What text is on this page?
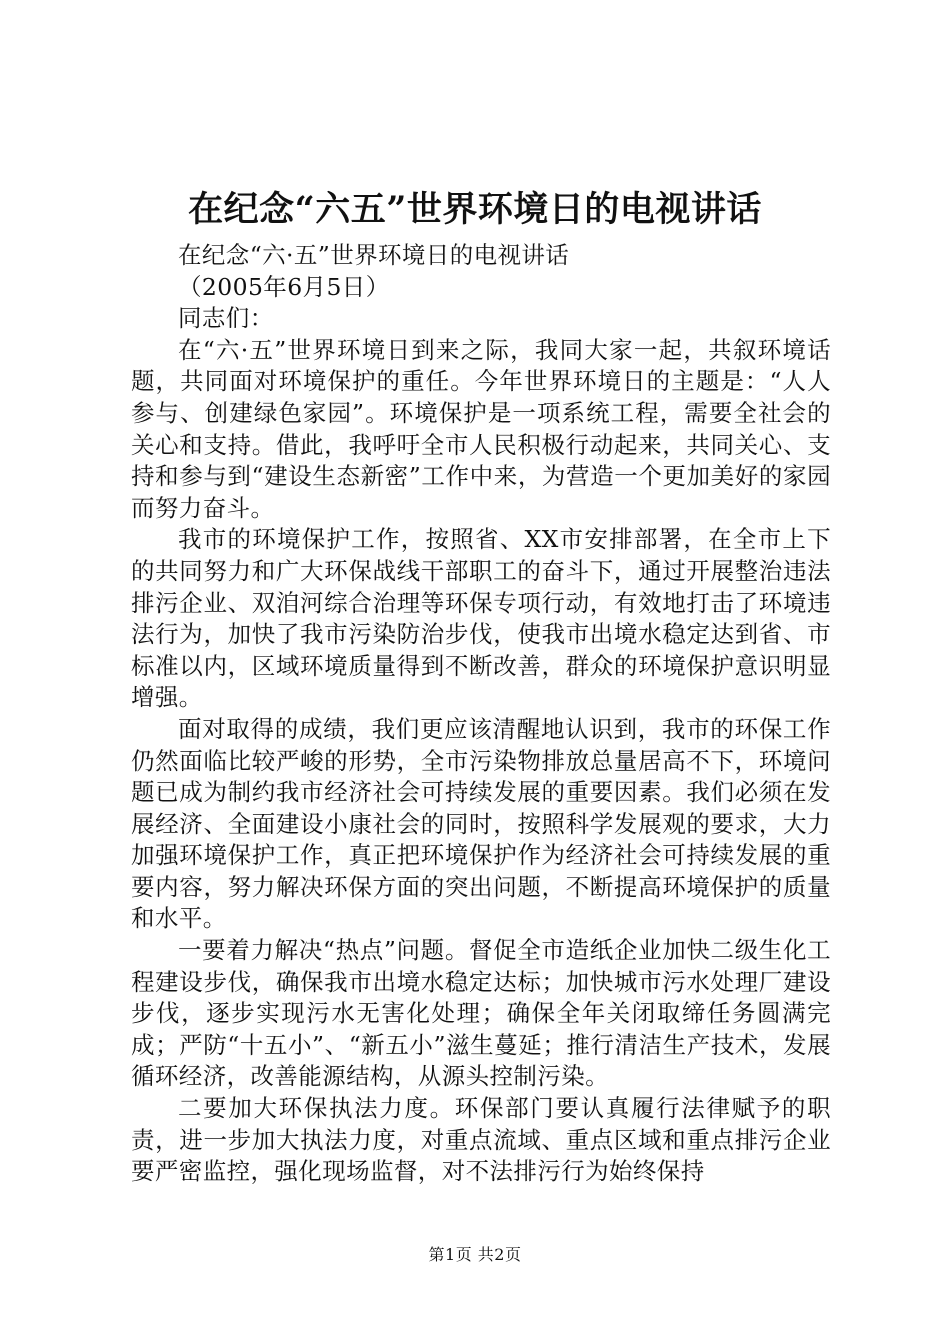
在纪念“六五”世界环境日的电视讲话
在纪念“六·五”世界环境日的电视讲话
（2005年6月5日）
同志们：

在“六·五”世界环境日到来之际，我同大家一起，共叙环境话题，共同面对环境保护的重任。今年世界环境日的主题是：“人人参与、创建绿色家园”。环境保护是一项系统工程，需要全社会的关心和支持。借此，我呼吁全市人民积极行动起来，共同关心、支持和参与到“建设生态新密”工作中来，为营造一个更加美好的家园而努力奋斗。

我市的环境保护工作，按照省、XX市安排部署，在全市上下的共同努力和广大环保战线干部职工的奋斗下，通过开展整治违法排污企业、双洎河综合治理等环保专项行动，有效地打击了环境违法行为，加快了我市污染防治步伐，使我市出境水稳定达到省、市标准以内，区域环境质量得到不断改善，群众的环境保护意识明显增强。

面对取得的成绩，我们更应该清醒地认识到，我市的环保工作仍然面临比较严峻的形势，全市污染物排放总量居高不下，环境问题已成为制约我市经济社会可持续发展的重要因素。我们必须在发展经济、全面建设小康社会的同时，按照科学发展观的要求，大力加强环境保护工作，真正把环境保护作为经济社会可持续发展的重要内容，努力解决环保方面的突出问题，不断提高环境保护的质量和水平。

一要着力解决“热点”问题。督促全市造纸企业加快二级生化工程建设步伐，确保我市出境水稳定达标；加快城市污水处理厂建设步伐，逐步实现污水无害化处理；确保全年关闭取缔任务圆满完成；严防“十五小”、“新五小”滋生蔓延；推行清洁生产技术，发展循环经济，改善能源结构，从源头控制污染。

二要加大环保执法力度。环保部门要认真履行法律赋予的职责，进一步加大执法力度，对重点流域、重点区域和重点排污企业要严密监控，强化现场监督，对不法排污行为始终保持

第1页 共2页
